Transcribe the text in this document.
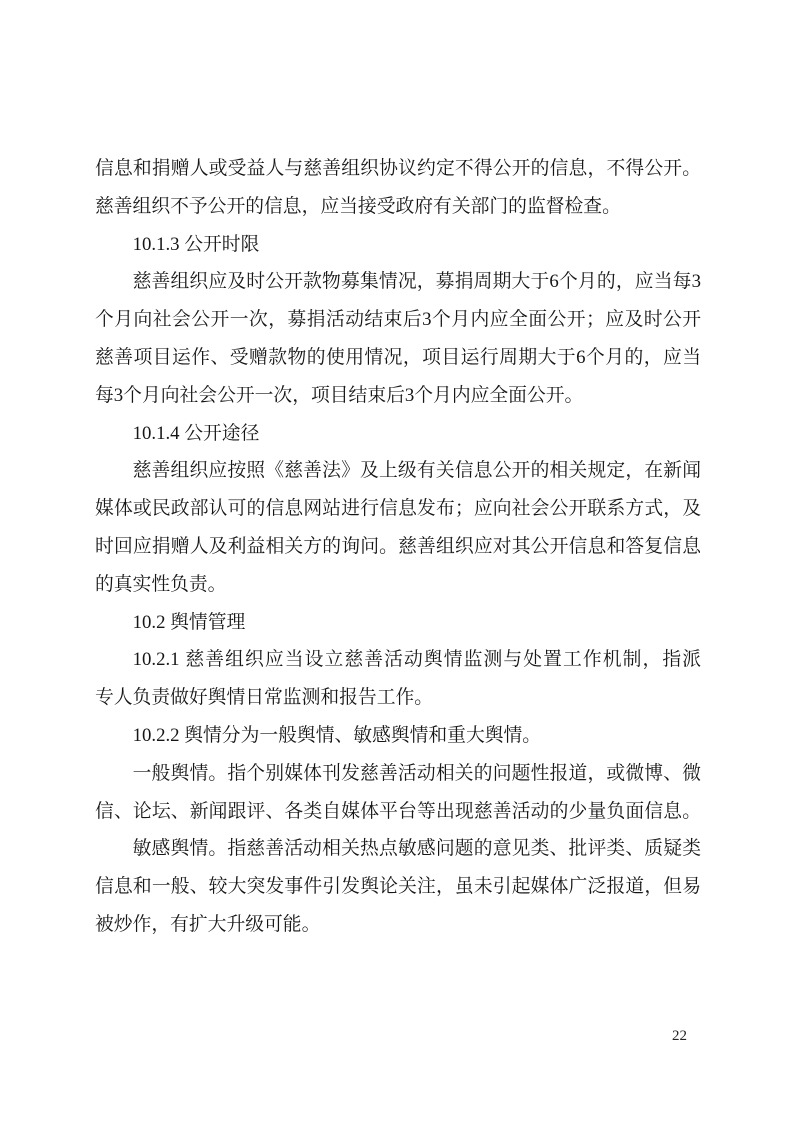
信息和捐赠人或受益人与慈善组织协议约定不得公开的信息，不得公开。
慈善组织不予公开的信息，应当接受政府有关部门的监督检查。
10.1.3 公开时限
慈善组织应及时公开款物募集情况，募捐周期大于6个月的，应当每3
个月向社会公开一次，募捐活动结束后3个月内应全面公开；应及时公开
慈善项目运作、受赠款物的使用情况，项目运行周期大于6个月的，应当
每3个月向社会公开一次，项目结束后3个月内应全面公开。
10.1.4 公开途径
慈善组织应按照《慈善法》及上级有关信息公开的相关规定，在新闻
媒体或民政部认可的信息网站进行信息发布；应向社会公开联系方式，及
时回应捐赠人及利益相关方的询问。慈善组织应对其公开信息和答复信息
的真实性负责。
10.2 舆情管理
10.2.1 慈善组织应当设立慈善活动舆情监测与处置工作机制，指派
专人负责做好舆情日常监测和报告工作。
10.2.2 舆情分为一般舆情、敏感舆情和重大舆情。
一般舆情。指个别媒体刊发慈善活动相关的问题性报道，或微博、微
信、论坛、新闻跟评、各类自媒体平台等出现慈善活动的少量负面信息。
敏感舆情。指慈善活动相关热点敏感问题的意见类、批评类、质疑类
信息和一般、较大突发事件引发舆论关注，虽未引起媒体广泛报道，但易
被炒作，有扩大升级可能。
22
